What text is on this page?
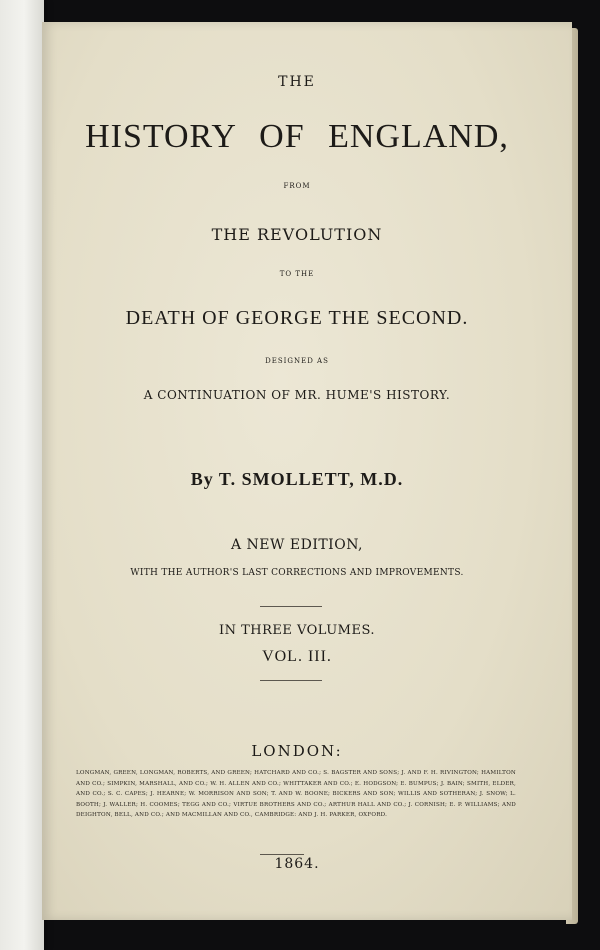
THE
HISTORY OF ENGLAND,
FROM
THE REVOLUTION
TO THE
DEATH OF GEORGE THE SECOND.
DESIGNED AS
A CONTINUATION OF MR. HUME'S HISTORY.
By T. SMOLLETT, M.D.
A NEW EDITION,
WITH THE AUTHOR'S LAST CORRECTIONS AND IMPROVEMENTS.
IN THREE VOLUMES.
VOL. III.
LONDON:
LONGMAN, GREEN, LONGMAN, ROBERTS, AND GREEN; HATCHARD AND CO.; S. BAGSTER AND SONS; J. AND F. H. RIVINGTON; HAMILTON AND CO.; SIMPKIN, MARSHALL, AND CO.; W. H. ALLEN AND CO.; WHITTAKER AND CO.; E. HODGSON; E. BUMPUS; J. BAIN; SMITH, ELDER, AND CO.; S. C. CAPES; J. HEARNE; W. MORRISON AND SON; T. AND W. BOONE; BICKERS AND SON; WILLIS AND SOTHERAN; J. SNOW; L. BOOTH; J. WALLER; H. COOMES; TEGG AND CO.; VIRTUE BROTHERS AND CO.; ARTHUR HALL AND CO.; J. CORNISH; E. P. WILLIAMS; AND DEIGHTON, BELL, AND CO.; AND MACMILLAN AND CO., CAMBRIDGE: AND J. H. PARKER, OXFORD.
1864.
